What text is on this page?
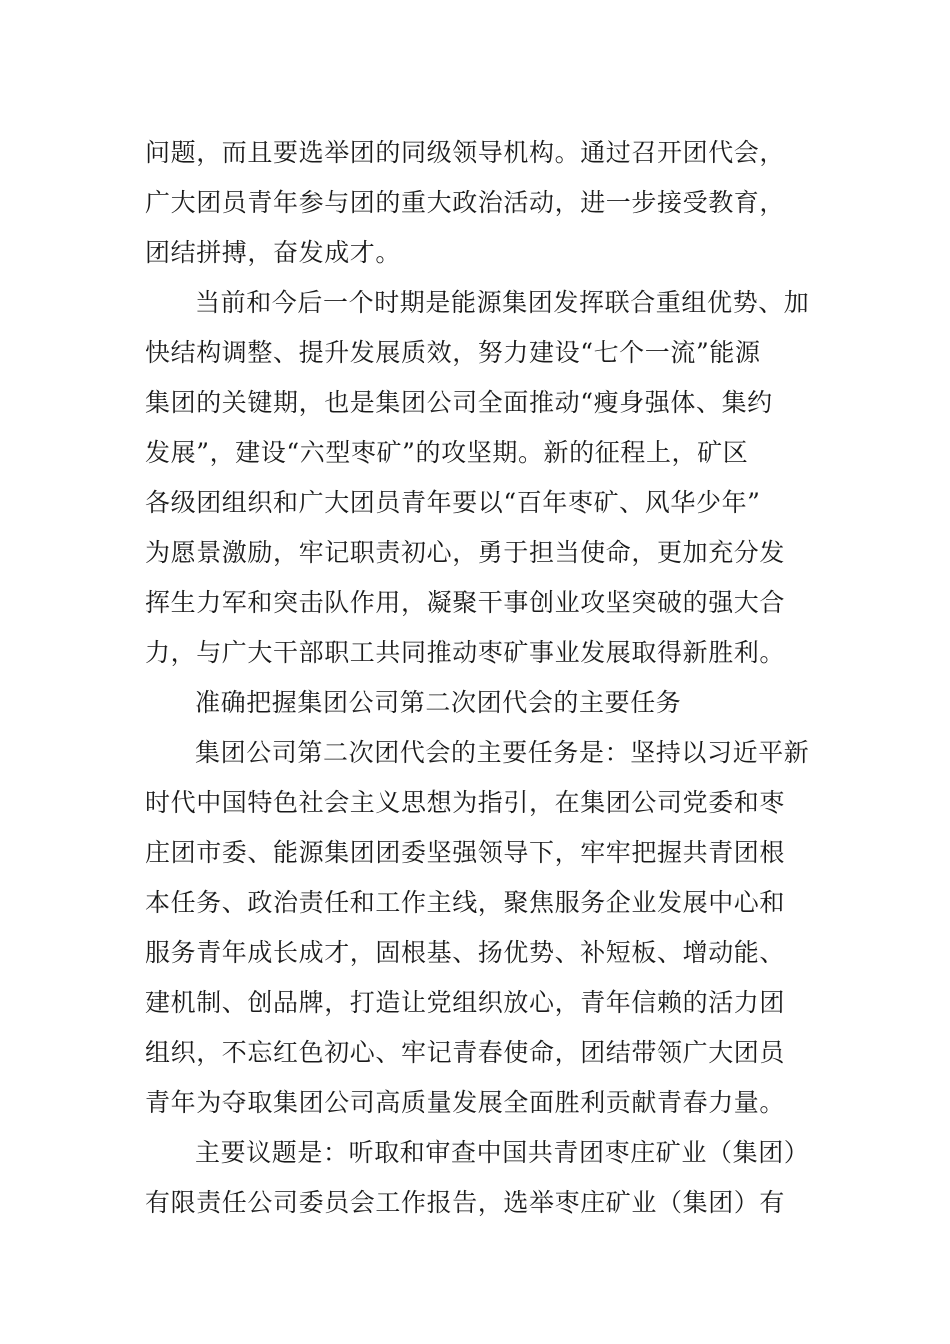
问题，而且要选举团的同级领导机构。通过召开团代会，
广大团员青年参与团的重大政治活动，进一步接受教育，
团结拼搏，奋发成才。
当前和今后一个时期是能源集团发挥联合重组优势、加
快结构调整、提升发展质效，努力建设“七个一流”能源
集团的关键期，也是集团公司全面推动“瘦身强体、集约
发展”，建设“六型枣矿”的攻坚期。新的征程上，矿区
各级团组织和广大团员青年要以“百年枣矿、风华少年”
为愿景激励，牢记职责初心，勇于担当使命，更加充分发
挥生力军和突击队作用，凝聚干事创业攻坚突破的强大合
力，与广大干部职工共同推动枣矿事业发展取得新胜利。
准确把握集团公司第二次团代会的主要任务
集团公司第二次团代会的主要任务是：坚持以习近平新
时代中国特色社会主义思想为指引，在集团公司党委和枣
庄团市委、能源集团团委坚强领导下，牢牢把握共青团根
本任务、政治责任和工作主线，聚焦服务企业发展中心和
服务青年成长成才，固根基、扬优势、补短板、增动能、
建机制、创品牌，打造让党组织放心，青年信赖的活力团
组织，不忘红色初心、牢记青春使命，团结带领广大团员
青年为夺取集团公司高质量发展全面胜利贡献青春力量。
主要议题是：听取和审查中国共青团枣庄矿业（集团）
有限责任公司委员会工作报告，选举枣庄矿业（集团）有
